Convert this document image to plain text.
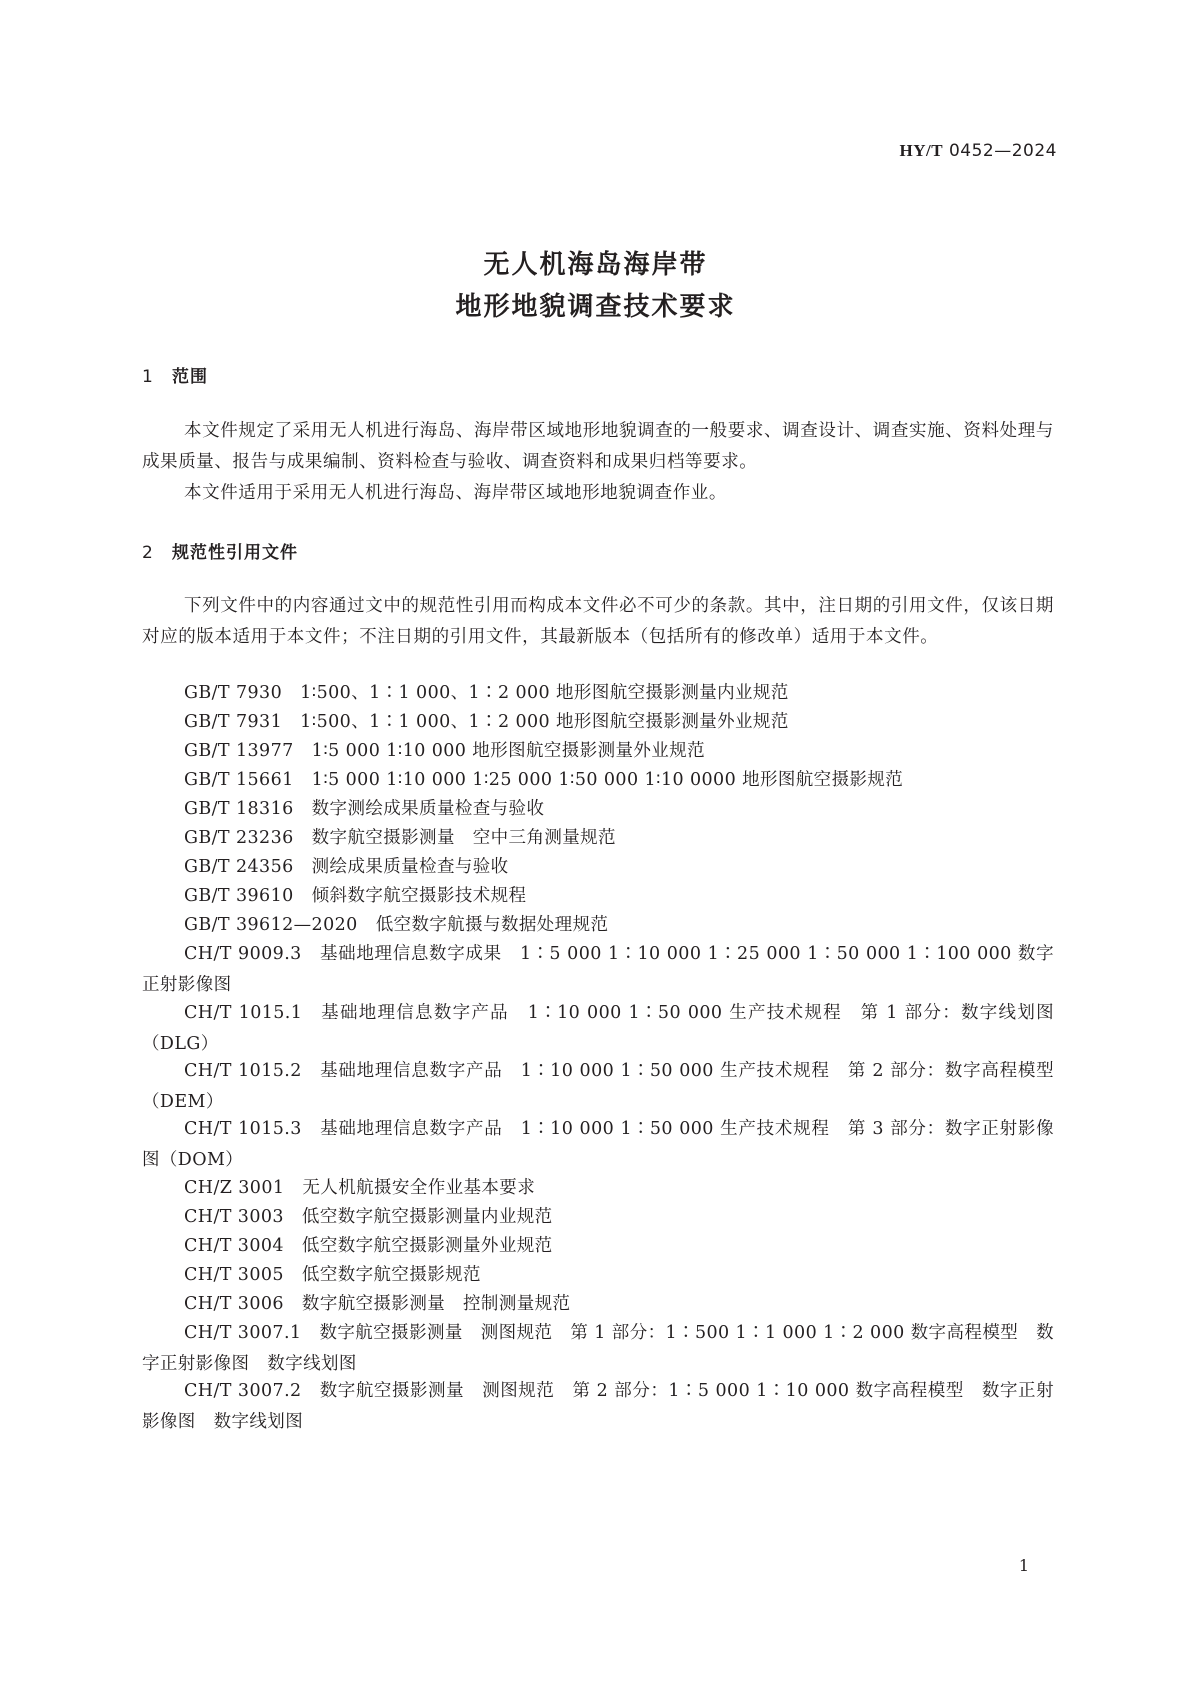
HY/T 0452—2024
无人机海岛海岸带
地形地貌调查技术要求
1 范围

本文件规定了采用无人机进行海岛、海岸带区域地形地貌调查的一般要求、调查设计、调查实施、资料处理与成果质量、报告与成果编制、资料检查与验收、调查资料和成果归档等要求。

本文件适用于采用无人机进行海岛、海岸带区域地形地貌调查作业。

2 规范性引用文件

下列文件中的内容通过文中的规范性引用而构成本文件必不可少的条款。其中，注日期的引用文件，仅该日期对应的版本适用于本文件；不注日期的引用文件，其最新版本（包括所有的修改单）适用于本文件。

GB/T 7930 1∶500、1∶1 000、1∶2 000 地形图航空摄影测量内业规范

GB/T 7931 1∶500、1∶1 000、1∶2 000 地形图航空摄影测量外业规范

GB/T 13977 1∶5 000 1∶10 000 地形图航空摄影测量外业规范

GB/T 15661 1∶5 000 1∶10 000 1∶25 000 1∶50 000 1∶10 0000 地形图航空摄影规范

GB/T 18316 数字测绘成果质量检查与验收

GB/T 23236 数字航空摄影测量　空中三角测量规范

GB/T 24356 测绘成果质量检查与验收

GB/T 39610 倾斜数字航空摄影技术规程

GB/T 39612—2020 低空数字航摄与数据处理规范

CH/T 9009.3 基础地理信息数字成果　1∶5 000 1∶10 000 1∶25 000 1∶50 000 1∶100 000 数字正射影像图

CH/T 1015.1 基础地理信息数字产品　1∶10 000 1∶50 000 生产技术规程　第 1 部分：数字线划图（DLG）

CH/T 1015.2 基础地理信息数字产品　1∶10 000 1∶50 000 生产技术规程　第 2 部分：数字高程模型（DEM）

CH/T 1015.3 基础地理信息数字产品　1∶10 000 1∶50 000 生产技术规程　第 3 部分：数字正射影像图（DOM）

CH/Z 3001 无人机航摄安全作业基本要求

CH/T 3003 低空数字航空摄影测量内业规范

CH/T 3004 低空数字航空摄影测量外业规范

CH/T 3005 低空数字航空摄影规范

CH/T 3006 数字航空摄影测量　控制测量规范

CH/T 3007.1 数字航空摄影测量　测图规范　第 1 部分：1∶500 1∶1 000 1∶2 000 数字高程模型　数字正射影像图　数字线划图

CH/T 3007.2 数字航空摄影测量　测图规范　第 2 部分：1∶5 000 1∶10 000 数字高程模型　数字正射影像图　数字线划图

1
